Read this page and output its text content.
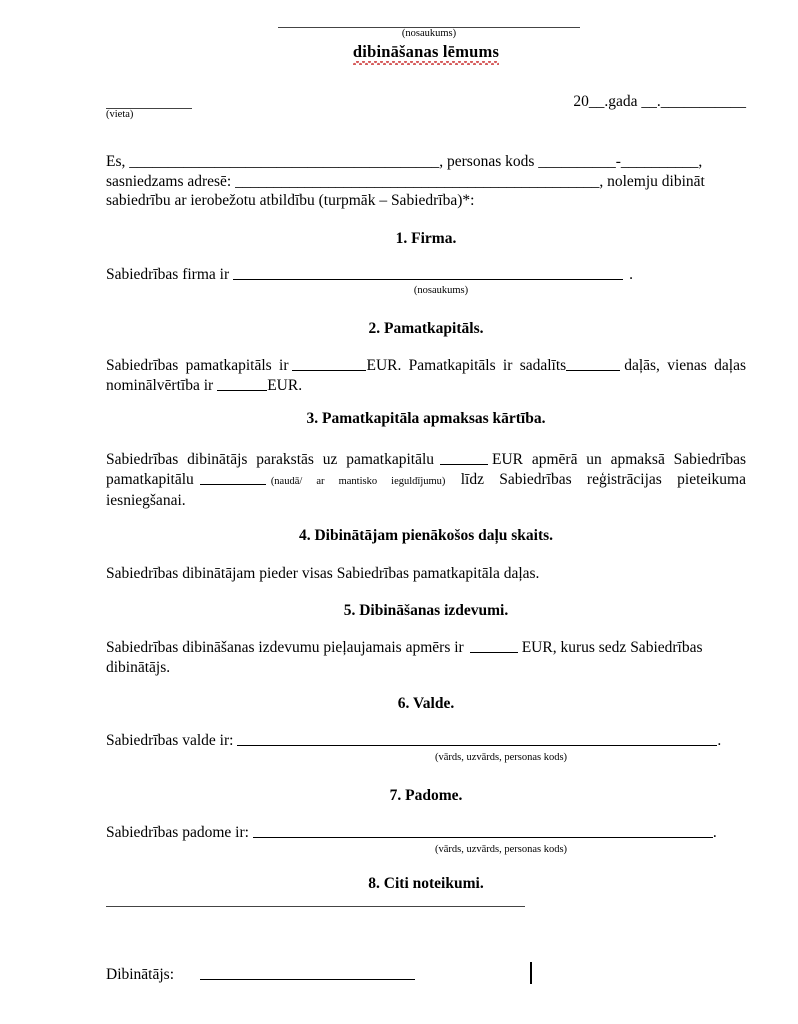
(nosaukums)
dibināšanas lēmums
(vieta)
20__.gada __.___________
Es, ________________________________________, personas kods __________-__________,
sasniedzams adresē: _______________________________________________, nolemju dibināt
sabiedrību ar ierobežotu atbildību (turpmāk – Sabiedrība)*:
1. Firma.
Sabiedrības firma ir	.
(nosaukums)
2. Pamatkapitāls.

Sabiedrības pamatkapitāls ir	EUR. Pamatkapitāls ir sadalīts	daļās, vienas daļas nominālvērtība ir	EUR.

3. Pamatkapitāla apmaksas kārtība.

Sabiedrības dibinātājs parakstās uz pamatkapitālu	EUR apmērā un apmaksā Sabiedrības pamatkapitālu	(naudā/ ar mantisko ieguldījumu) līdz Sabiedrības reģistrācijas pieteikuma iesniegšanai.

4. Dibinātājam pienākošos daļu skaits.
Sabiedrības dibinātājam pieder visas Sabiedrības pamatkapitāla daļas.
5. Dibināšanas izdevumi.

Sabiedrības dibināšanas izdevumu pieļaujamais apmērs ir	EUR, kurus sedz Sabiedrības dibinātājs.

6. Valde.
Sabiedrības valde ir:	.
(vārds, uzvārds, personas kods)
7. Padome.
Sabiedrības padome ir:	.
(vārds, uzvārds, personas kods)
8. Citi noteikumi.
Dibinātājs:
